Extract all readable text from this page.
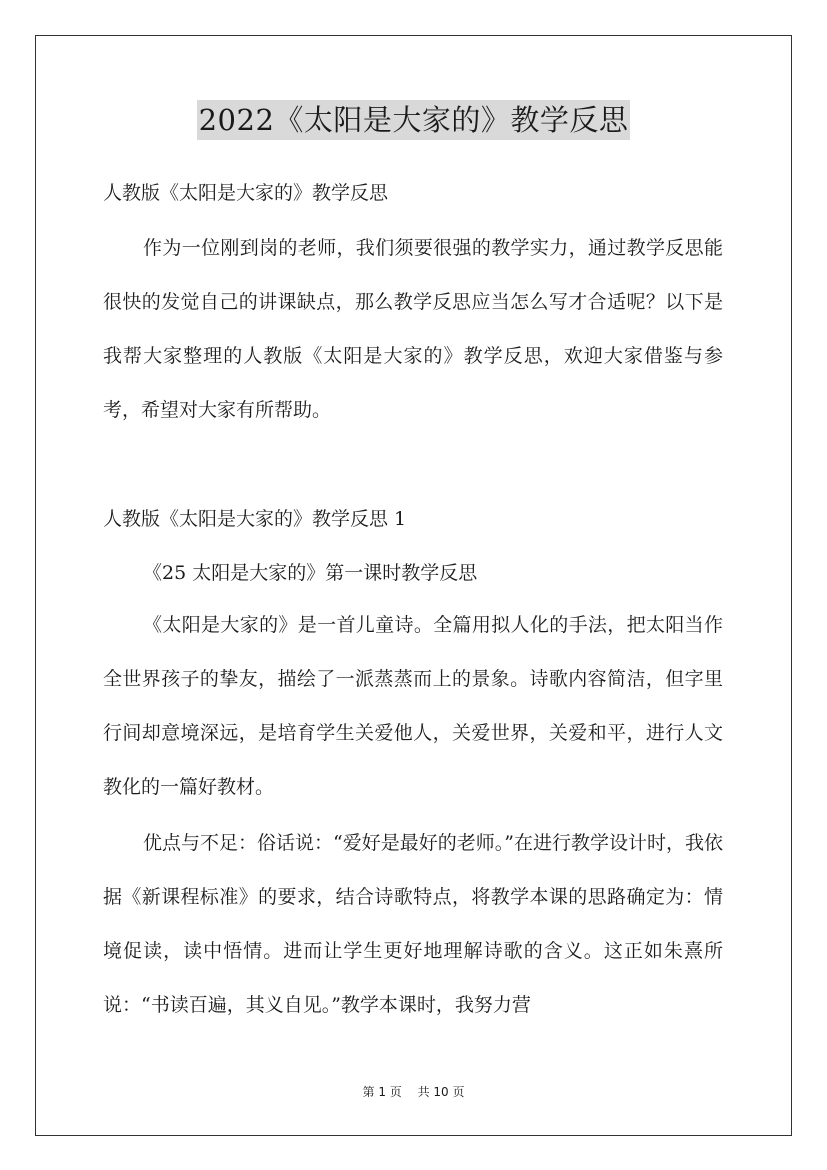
2022《太阳是大家的》教学反思
人教版《太阳是大家的》教学反思
作为一位刚到岗的老师，我们须要很强的教学实力，通过教学反思能很快的发觉自己的讲课缺点，那么教学反思应当怎么写才合适呢？以下是我帮大家整理的人教版《太阳是大家的》教学反思，欢迎大家借鉴与参考，希望对大家有所帮助。
人教版《太阳是大家的》教学反思 1
《25 太阳是大家的》第一课时教学反思
《太阳是大家的》是一首儿童诗。全篇用拟人化的手法，把太阳当作全世界孩子的挚友，描绘了一派蒸蒸而上的景象。诗歌内容简洁，但字里行间却意境深远，是培育学生关爱他人，关爱世界，关爱和平，进行人文教化的一篇好教材。
优点与不足：俗话说：“爱好是最好的老师。”在进行教学设计时，我依据《新课程标准》的要求，结合诗歌特点，将教学本课的思路确定为：情境促读，读中悟情。进而让学生更好地理解诗歌的含义。这正如朱熹所说：“书读百遍，其义自见。”教学本课时，我努力营
第 1 页 共 10 页
